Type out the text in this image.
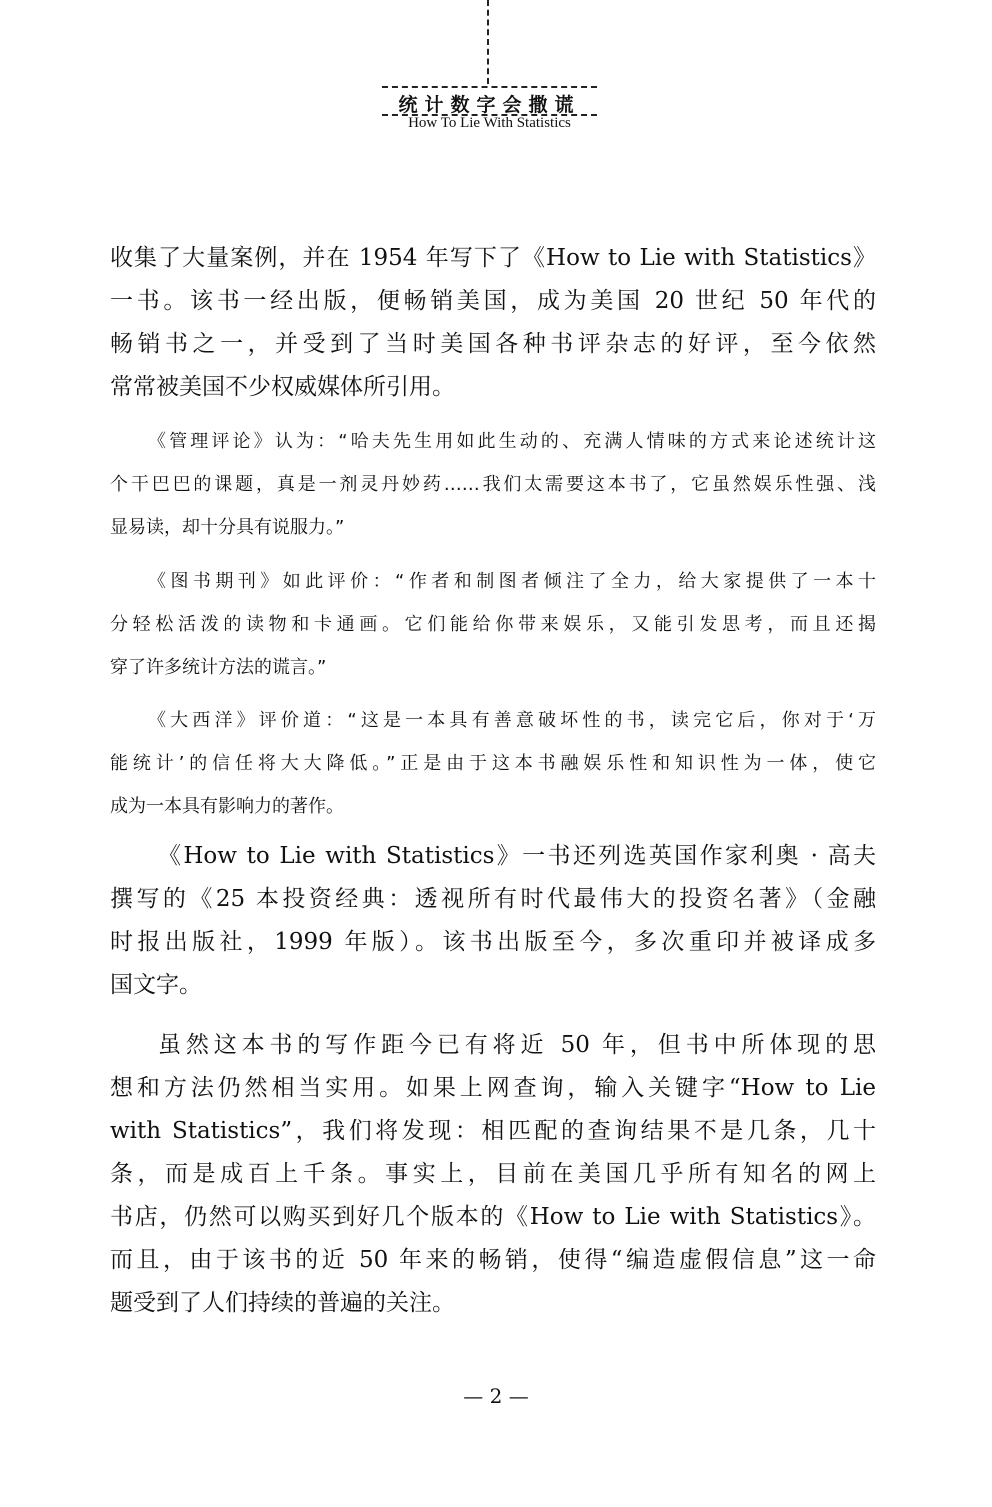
统计数字会撒谎
How To Lie With Statistics
收集了大量案例，并在 1954 年写下了《How to Lie with Statistics》
一书。该书一经出版，便畅销美国，成为美国 20 世纪 50 年代的
畅销书之一，并受到了当时美国各种书评杂志的好评，至今依然
常常被美国不少权威媒体所引用。
《管理评论》认为：“哈夫先生用如此生动的、充满人情味的方式来论述统计这
个干巴巴的课题，真是一剂灵丹妙药……我们太需要这本书了，它虽然娱乐性强、浅
显易读，却十分具有说服力。”
《图书期刊》如此评价：“作者和制图者倾注了全力，给大家提供了一本十
分轻松活泼的读物和卡通画。它们能给你带来娱乐，又能引发思考，而且还揭
穿了许多统计方法的谎言。”
《大西洋》评价道：“这是一本具有善意破坏性的书，读完它后，你对于‘万
能统计’的信任将大大降低。”正是由于这本书融娱乐性和知识性为一体，使它
成为一本具有影响力的著作。
《How to Lie with Statistics》一书还列选英国作家利奥 · 高夫
撰写的《25 本投资经典：透视所有时代最伟大的投资名著》（金融
时报出版社，1999 年版）。该书出版至今，多次重印并被译成多
国文字。
虽然这本书的写作距今已有将近 50 年，但书中所体现的思
想和方法仍然相当实用。如果上网查询，输入关键字“How to Lie
with Statistics”，我们将发现：相匹配的查询结果不是几条，几十
条，而是成百上千条。事实上，目前在美国几乎所有知名的网上
书店，仍然可以购买到好几个版本的《How to Lie with Statistics》。
而且，由于该书的近 50 年来的畅销，使得“编造虚假信息”这一命
题受到了人们持续的普遍的关注。
— 2 —
